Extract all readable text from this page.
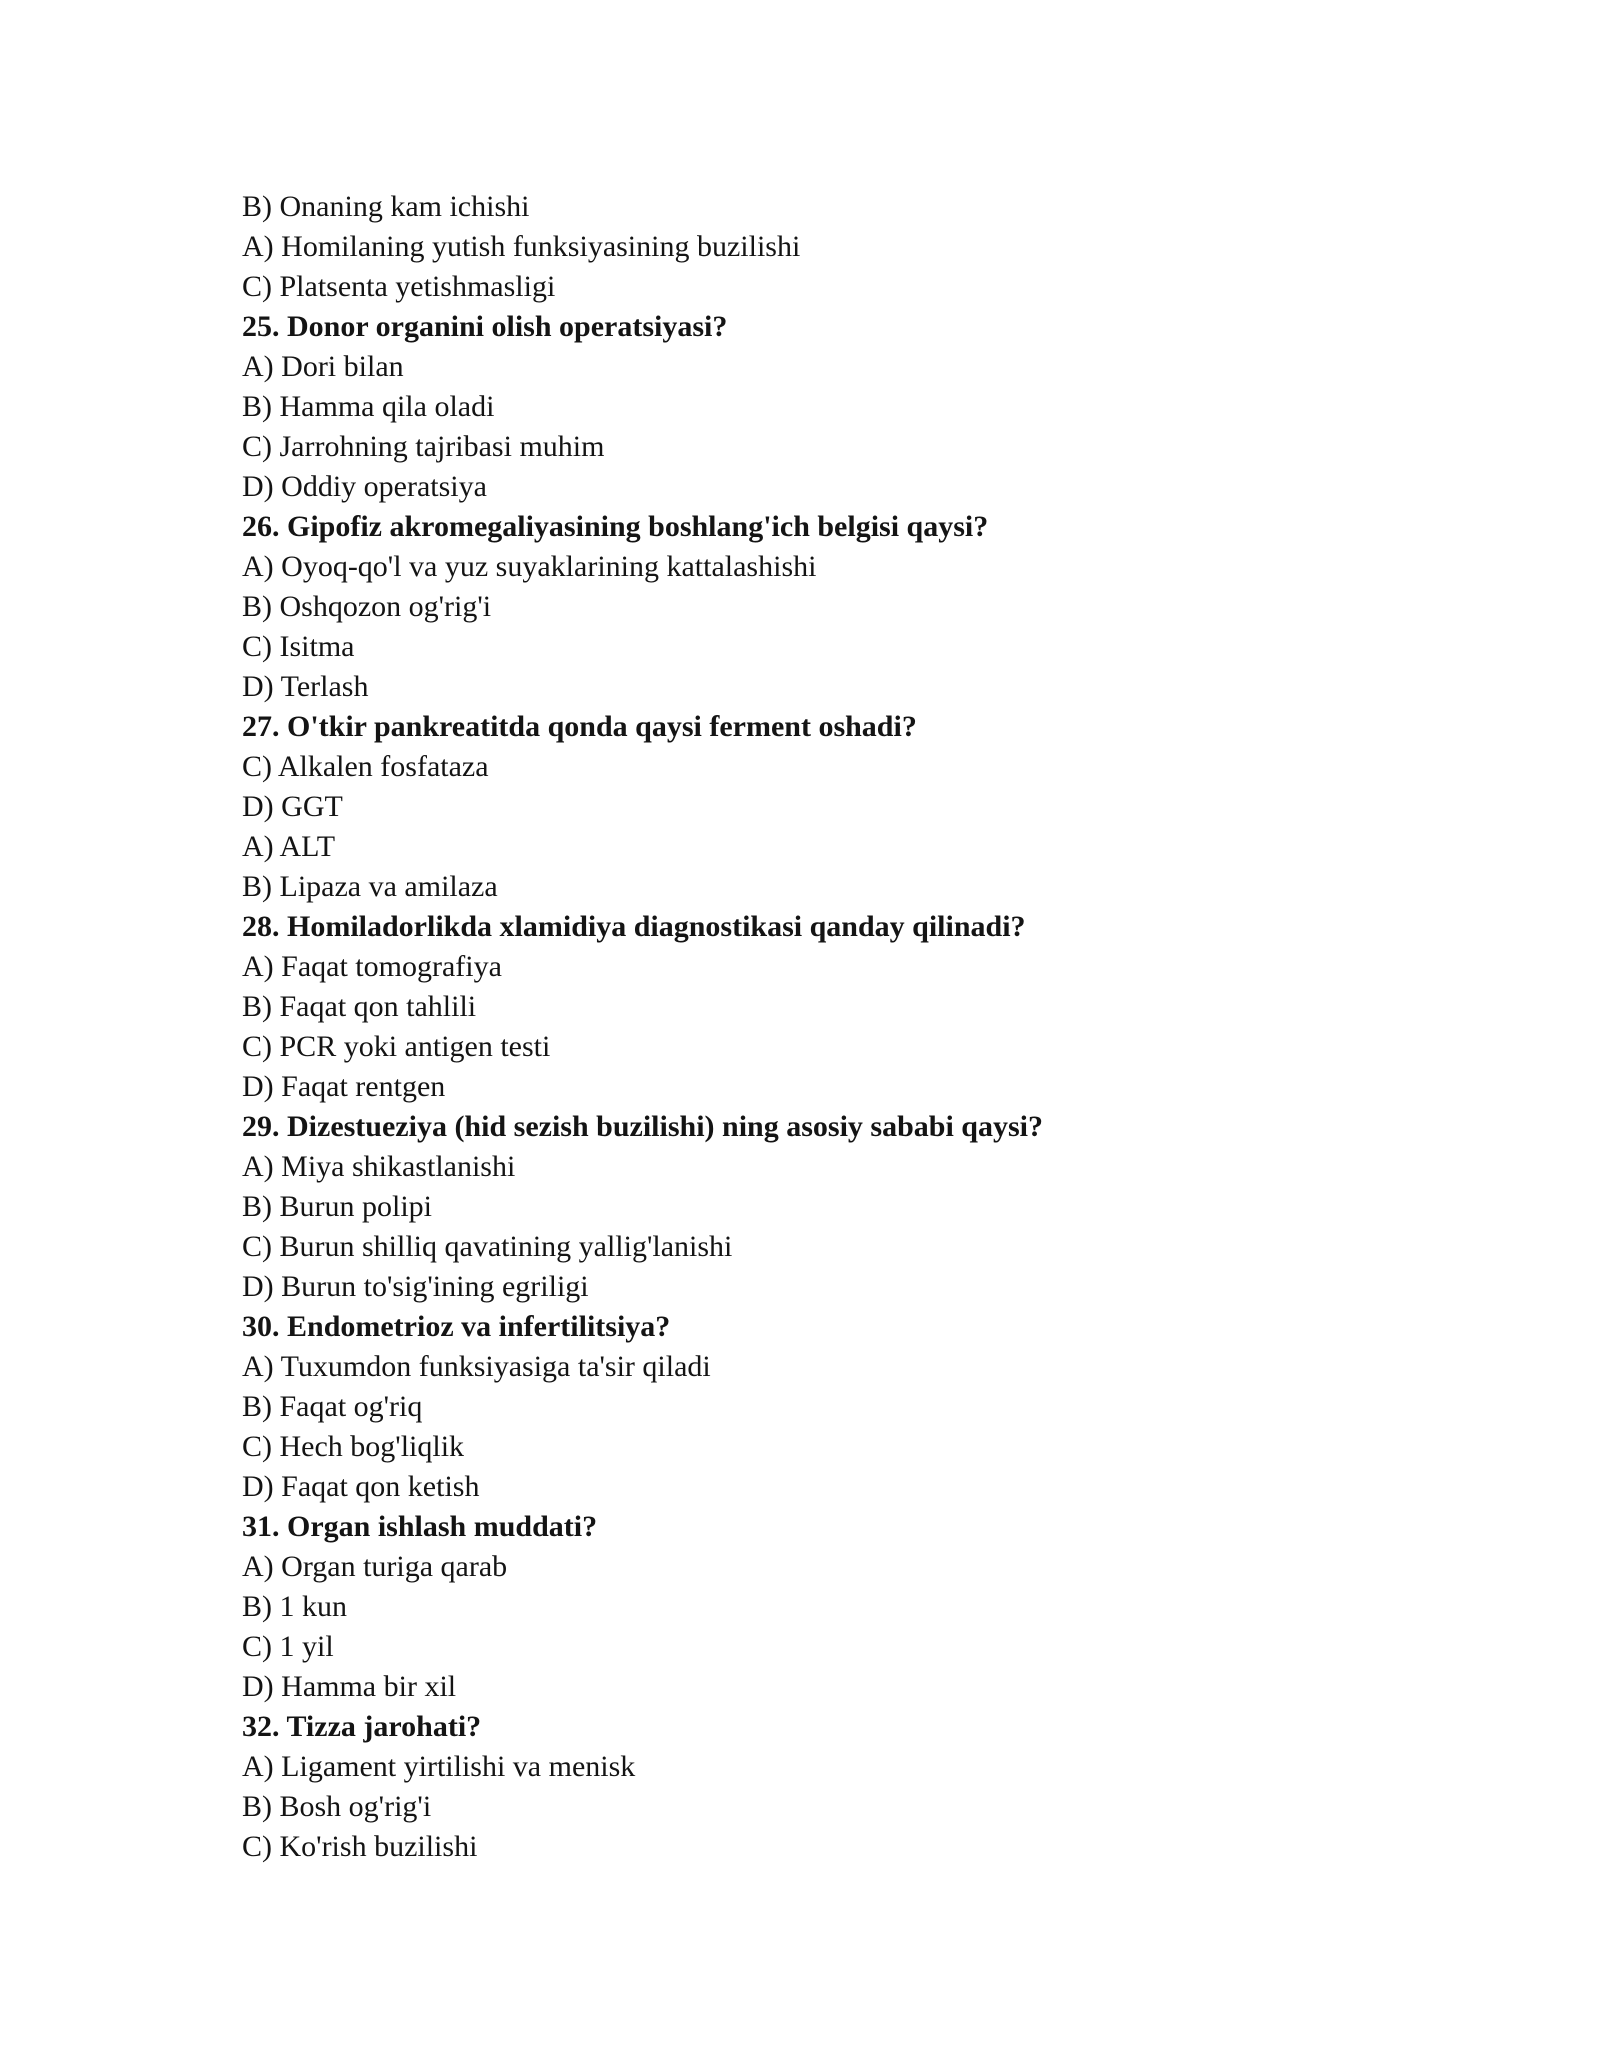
B) Onaning kam ichishi
A) Homilaning yutish funksiyasining buzilishi
C) Platsenta yetishmasligi
25. Donor organini olish operatsiyasi?
A) Dori bilan
B) Hamma qila oladi
C) Jarrohning tajribasi muhim
D) Oddiy operatsiya
26. Gipofiz akromegaliyasining boshlang'ich belgisi qaysi?
A) Oyoq-qo'l va yuz suyaklarining kattalashishi
B) Oshqozon og'rig'i
C) Isitma
D) Terlash
27. O'tkir pankreatitda qonda qaysi ferment oshadi?
C) Alkalen fosfataza
D) GGT
A) ALT
B) Lipaza va amilaza
28. Homiladorlikda xlamidiya diagnostikasi qanday qilinadi?
A) Faqat tomografiya
B) Faqat qon tahlili
C) PCR yoki antigen testi
D) Faqat rentgen
29. Dizestueziya (hid sezish buzilishi) ning asosiy sababi qaysi?
A) Miya shikastlanishi
B) Burun polipi
C) Burun shilliq qavatining yallig'lanishi
D) Burun to'sig'ining egriligi
30. Endometrioz va infertilitsiya?
A) Tuxumdon funksiyasiga ta'sir qiladi
B) Faqat og'riq
C) Hech bog'liqlik
D) Faqat qon ketish
31. Organ ishlash muddati?
A) Organ turiga qarab
B) 1 kun
C) 1 yil
D) Hamma bir xil
32. Tizza jarohati?
A) Ligament yirtilishi va menisk
B) Bosh og'rig'i
C) Ko'rish buzilishi
